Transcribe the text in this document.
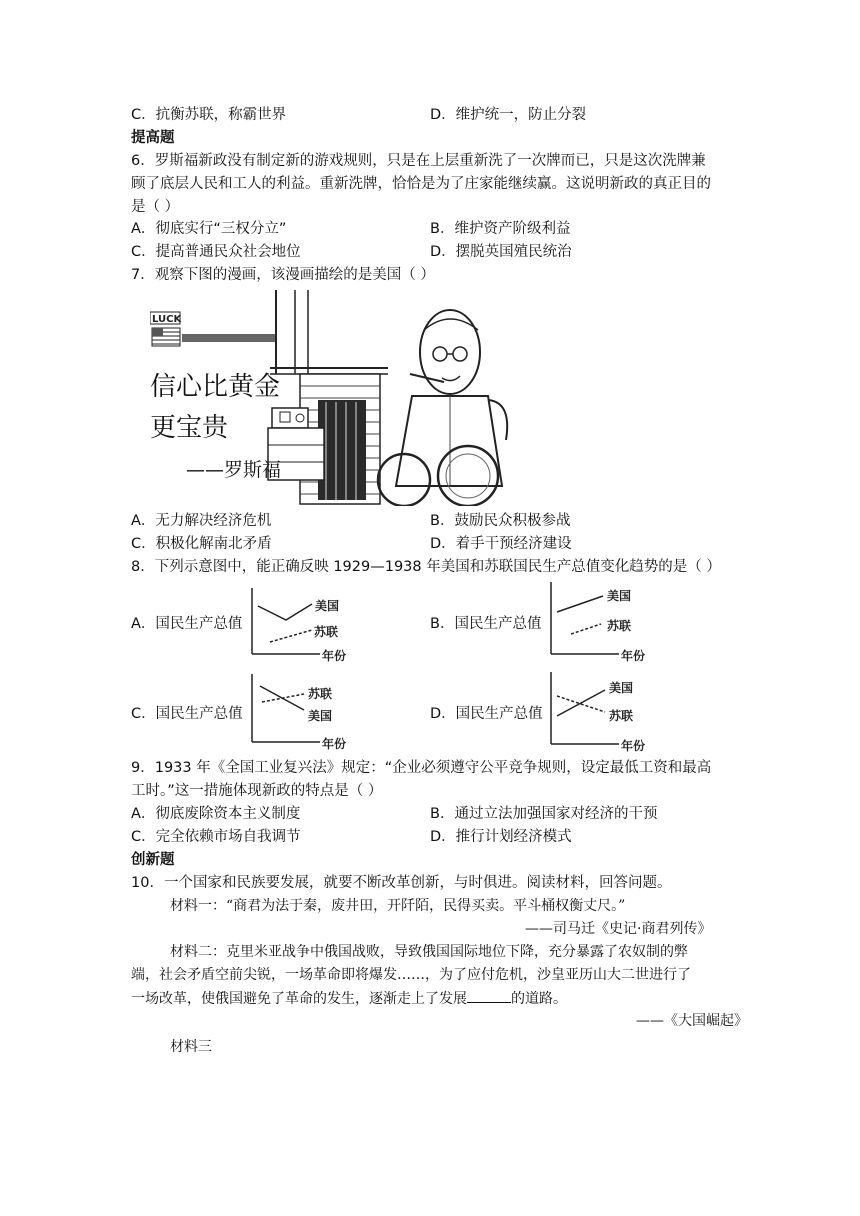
C．抗衡苏联，称霸世界	D．维护统一，防止分裂
提高题
6．罗斯福新政没有制定新的游戏规则，只是在上层重新洗了一次牌而已，只是这次洗牌兼
顾了底层人民和工人的利益。重新洗牌，恰恰是为了庄家能继续赢。这说明新政的真正目的
是（ ）
A．彻底实行“三权分立”	B．维护资产阶级利益
C．提高普通民众社会地位	D．摆脱英国殖民统治
7．观察下图的漫画，该漫画描绘的是美国（ ）
LUCK
信心比黄金
更宝贵
——罗斯福
A．无力解决经济危机	B．鼓励民众积极参战
C．积极化解南北矛盾	D．着手干预经济建设
8．下列示意图中，能正确反映 1929—1938 年美国和苏联国民生产总值变化趋势的是（ ）
A．国民生产总值
美国
苏联
年份
B．国民生产总值
美国
苏联
年份
C．国民生产总值
苏联
美国
年份
D．国民生产总值
美国
苏联
年份
9．1933 年《全国工业复兴法》规定：“企业必须遵守公平竞争规则，设定最低工资和最高
工时。”这一措施体现新政的特点是（ ）
A．彻底废除资本主义制度	B．通过立法加强国家对经济的干预
C．完全依赖市场自我调节	D．推行计划经济模式
创新题
10．一个国家和民族要发展，就要不断改革创新，与时俱进。阅读材料，回答问题。
材料一：“商君为法于秦，废井田，开阡陌，民得买卖。平斗桶权衡丈尺。”
——司马迁《史记·商君列传》
材料二：克里米亚战争中俄国战败，导致俄国国际地位下降，充分暴露了农奴制的弊
端，社会矛盾空前尖锐，一场革命即将爆发……，为了应付危机，沙皇亚历山大二世进行了
一场改革，使俄国避免了革命的发生，逐渐走上了发展	的道路。
——《大国崛起》
材料三
